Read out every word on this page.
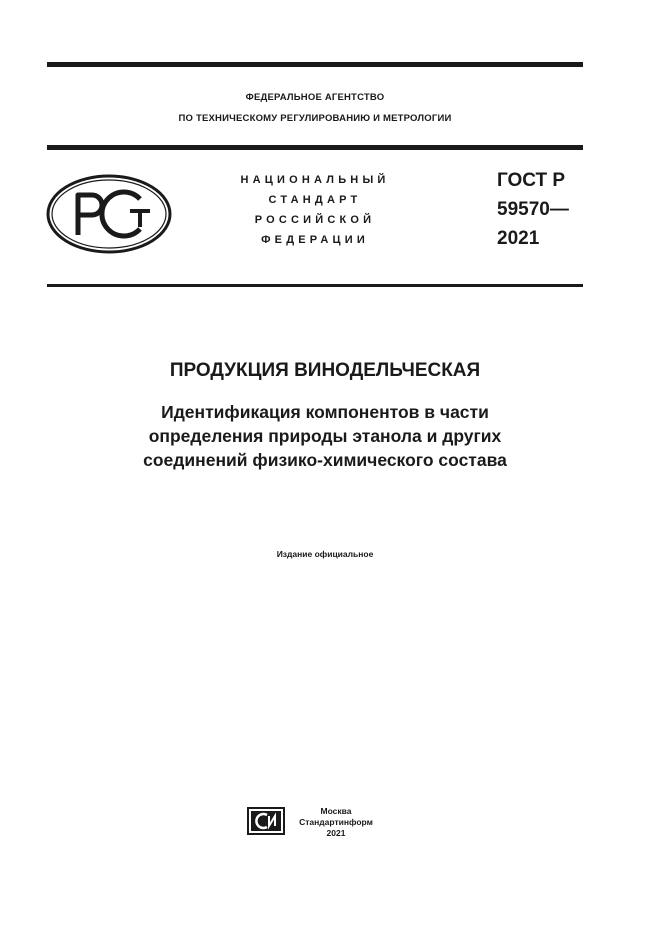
ФЕДЕРАЛЬНОЕ АГЕНТСТВО
ПО ТЕХНИЧЕСКОМУ РЕГУЛИРОВАНИЮ И МЕТРОЛОГИИ
НАЦИОНАЛЬНЫЙ
СТАНДАРТ
РОССИЙСКОЙ
ФЕДЕРАЦИИ
ГОСТ Р
59570—
2021
ПРОДУКЦИЯ ВИНОДЕЛЬЧЕСКАЯ
Идентификация компонентов в части
определения природы этанола и других
соединений физико-химического состава
Издание официальное
Москва
Стандартинформ
2021
